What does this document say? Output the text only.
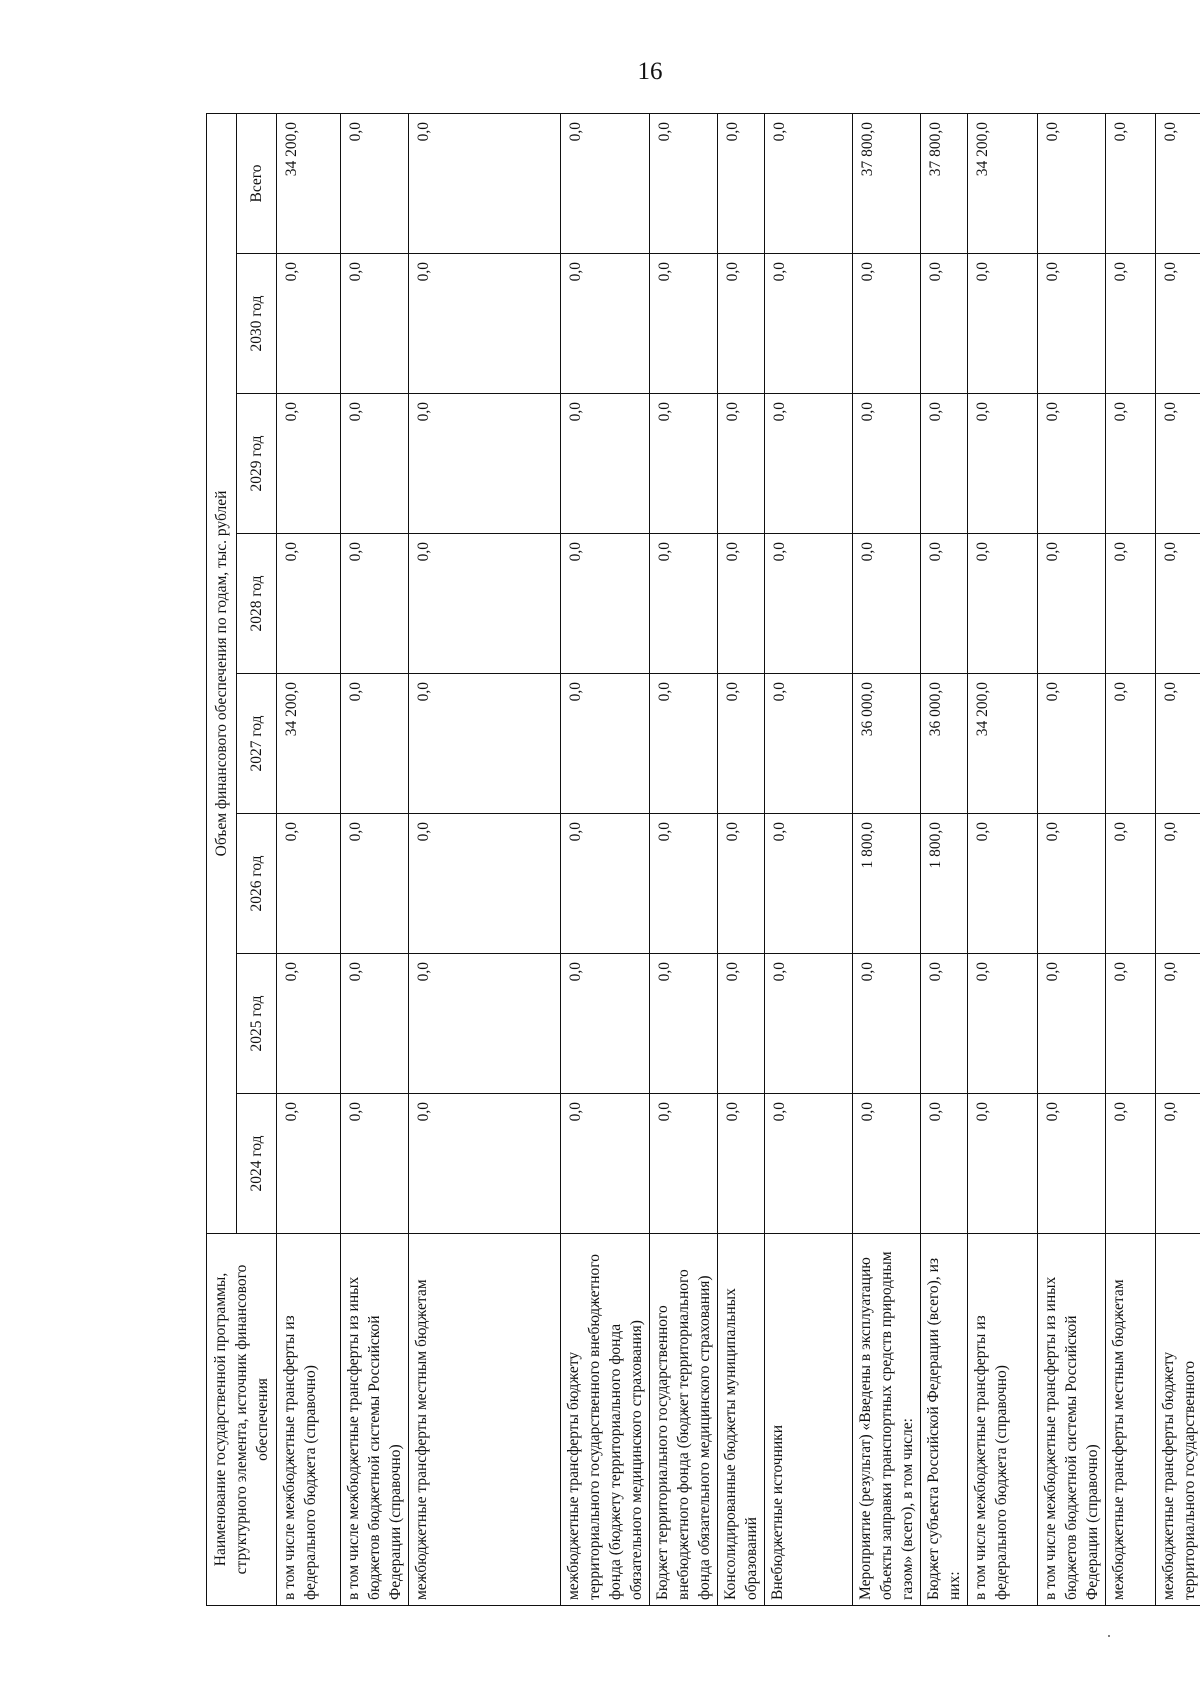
16
Наименование государственной программы, структурного элемента, источник финансового обеспечения	Объем финансового обеспечения по годам, тыс. рублей							
	2024 год	2025 год	2026 год	2027 год	2028 год	2029 год	2030 год	Всего
в том числе межбюджетные трансферты из федерального бюджета (справочно)	0,0	0,0	0,0	34 200,0	0,0	0,0	0,0	34 200,0
в том числе межбюджетные трансферты из иных бюджетов бюджетной системы Российской Федерации (справочно)	0,0	0,0	0,0	0,0	0,0	0,0	0,0	0,0
межбюджетные трансферты местным бюджетам	0,0	0,0	0,0	0,0	0,0	0,0	0,0	0,0
межбюджетные трансферты бюджету территориального государственного внебюджетного фонда (бюджету территориального фонда обязательного медицинского страхования)	0,0	0,0	0,0	0,0	0,0	0,0	0,0	0,0
Бюджет территориального государственного внебюджетного фонда (бюджет территориального фонда обязательного медицинского страхования)	0,0	0,0	0,0	0,0	0,0	0,0	0,0	0,0
Консолидированные бюджеты муниципальных образований	0,0	0,0	0,0	0,0	0,0	0,0	0,0	0,0
Внебюджетные источники	0,0	0,0	0,0	0,0	0,0	0,0	0,0	0,0
Мероприятие (результат) «Введены в эксплуатацию объекты заправки транспортных средств природным газом» (всего), в том числе:	0,0	0,0	1 800,0	36 000,0	0,0	0,0	0,0	37 800,0
Бюджет субъекта Российской Федерации (всего), из них:	0,0	0,0	1 800,0	36 000,0	0,0	0,0	0,0	37 800,0
в том числе межбюджетные трансферты из федерального бюджета (справочно)	0,0	0,0	0,0	34 200,0	0,0	0,0	0,0	34 200,0
в том числе межбюджетные трансферты из иных бюджетов бюджетной системы Российской Федерации (справочно)	0,0	0,0	0,0	0,0	0,0	0,0	0,0	0,0
межбюджетные трансферты местным бюджетам	0,0	0,0	0,0	0,0	0,0	0,0	0,0	0,0
межбюджетные трансферты бюджету территориального государственного	0,0	0,0	0,0	0,0	0,0	0,0	0,0	0,0
